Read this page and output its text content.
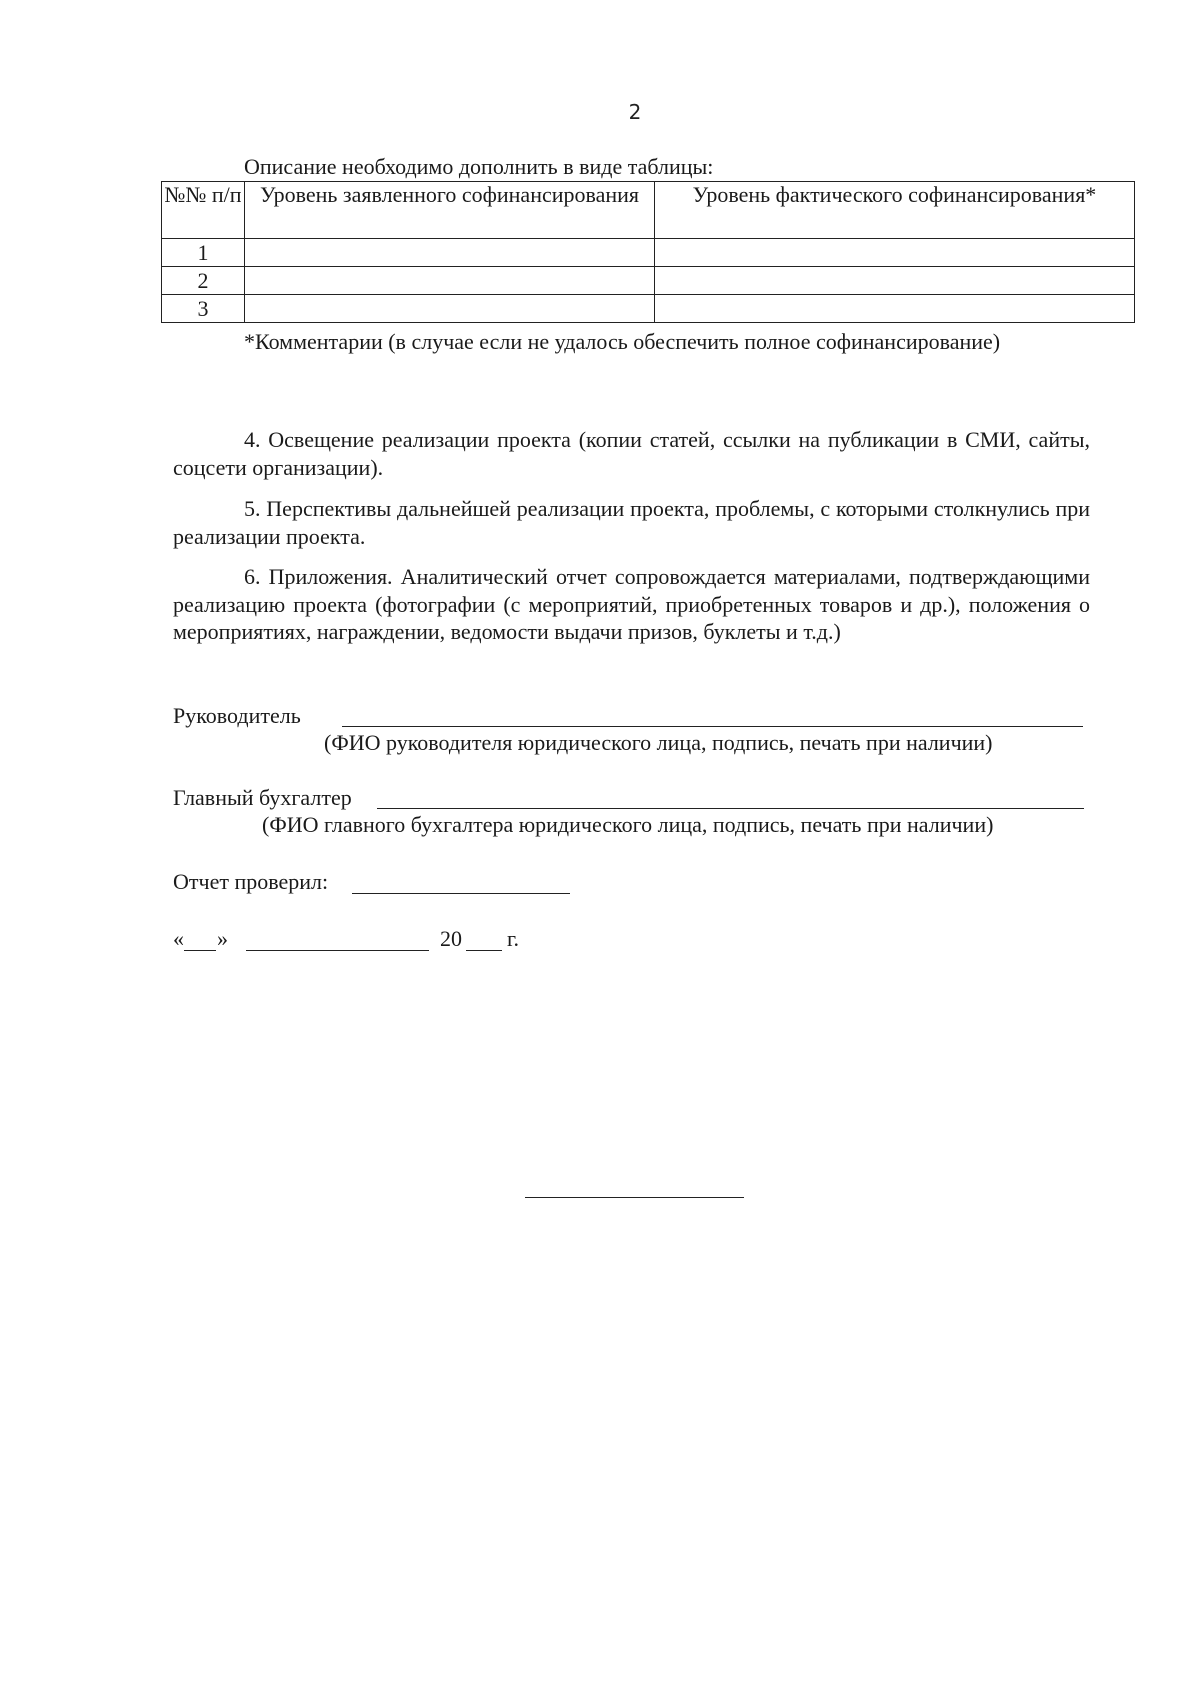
2
Описание необходимо дополнить в виде таблицы:
№№ п/п	Уровень заявленного софинансирования	Уровень фактического софинансирования*
1		
2		
3		
*Комментарии (в случае если не удалось обеспечить полное софинансирование)
4. Освещение реализации проекта (копии статей, ссылки на публикации в СМИ, сайты, соцсети организации).
5. Перспективы дальнейшей реализации проекта, проблемы, с которыми столкнулись при реализации проекта.
6. Приложения. Аналитический отчет сопровождается материалами, подтверждающими реализацию проекта (фотографии (с мероприятий, приобретенных товаров и др.), положения о мероприятиях, награждении, ведомости выдачи призов, буклеты и т.д.)
Руководитель
(ФИО руководителя юридического лица, подпись, печать при наличии)
Главный бухгалтер
(ФИО главного бухгалтера юридического лица, подпись, печать при наличии)
Отчет проверил:
« »	20 г.
